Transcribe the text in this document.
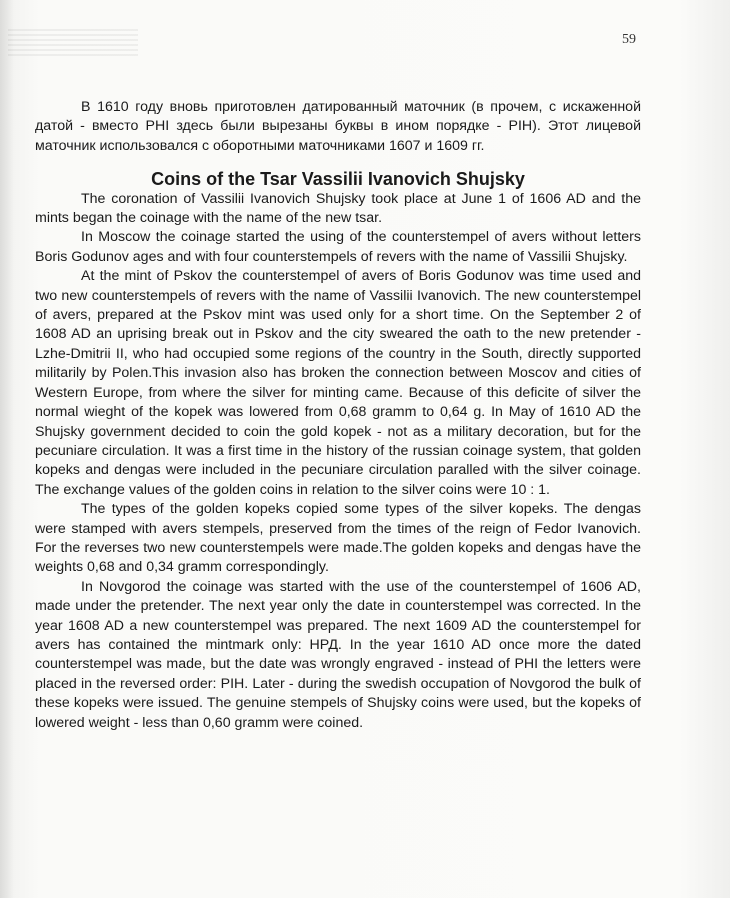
59

В 1610 году вновь приготовлен датированный маточник (в прочем, с искаженной датой - вместо PHI здесь были вырезаны буквы в ином порядке - PIH). Этот лицевой маточник использовался с оборотными маточниками 1607 и 1609 гг.

Coins of the Tsar Vassilii Ivanovich Shujsky

The coronation of Vassilii Ivanovich Shujsky took place at June 1 of 1606 AD and the mints began the coinage with the name of the new tsar.

In Moscow the coinage started the using of the counterstempel of avers without letters Boris Godunov ages and with four counterstempels of revers with the name of Vassilii Shujsky.

At the mint of Pskov the counterstempel of avers of Boris Godunov was time used and two new counterstempels of revers with the name of Vassilii Ivanovich. The new counterstempel of avers, prepared at the Pskov mint was used only for a short time. On the September 2 of 1608 AD an uprising break out in Pskov and the city sweared the oath to the new pretender - Lzhe-Dmitrii II, who had occupied some regions of the country in the South, directly supported militarily by Polen.This invasion also has broken the connection between Moscov and cities of Western Europe, from where the silver for minting came. Because of this deficite of silver the normal wieght of the kopek was lowered from 0,68 gramm to 0,64 g. In May of 1610 AD the Shujsky government decided to coin the gold kopek - not as a military decoration, but for the pecuniare circulation. It was a first time in the history of the russian coinage system, that golden kopeks and dengas were included in the pecuniare circulation paralled with the silver coinage. The exchange values of the golden coins in relation to the silver coins were 10 : 1.

The types of the golden kopeks copied some types of the silver kopeks. The dengas were stamped with avers stempels, preserved from the times of the reign of Fedor Ivanovich. For the reverses two new counterstempels were made.The golden kopeks and dengas have the weights 0,68 and 0,34 gramm correspondingly.

In Novgorod the coinage was started with the use of the counterstempel of 1606 AD, made under the pretender. The next year only the date in counterstempel was corrected. In the year 1608 AD a new counterstempel was prepared. The next 1609 AD the counterstempel for avers has contained the mintmark only: НРД. In the year 1610 AD once more the dated counterstempel was made, but the date was wrongly engraved - instead of PHI the letters were placed in the reversed order: PIH. Later - during the swedish occupation of Novgorod the bulk of these kopeks were issued. The genuine stempels of Shujsky coins were used, but the kopeks of lowered weight - less than 0,60 gramm were coined.
